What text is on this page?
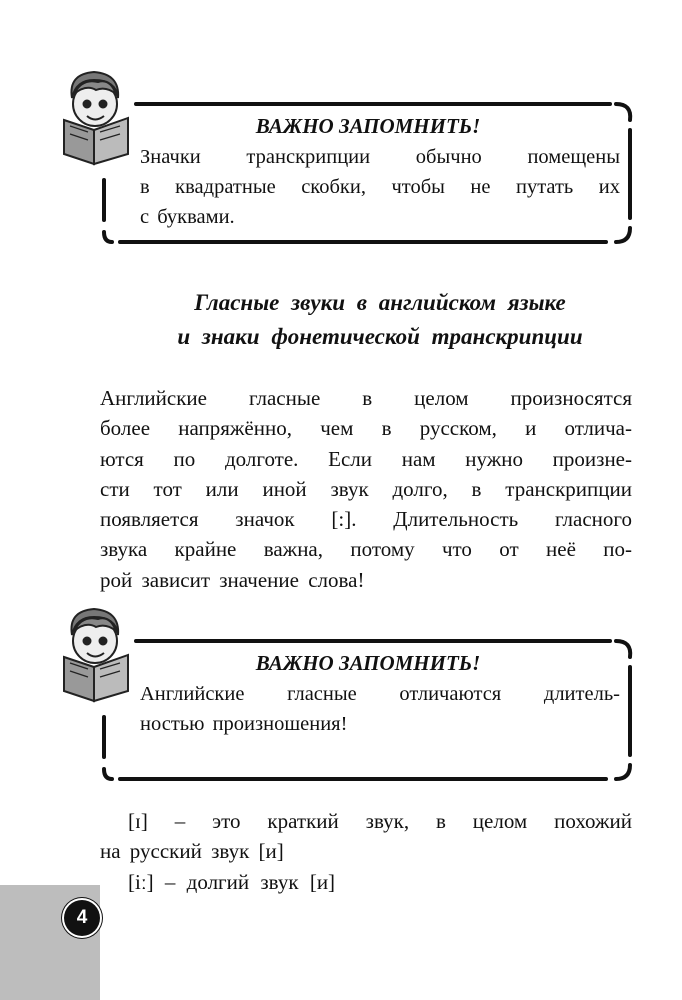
ВАЖНО ЗАПОМНИТЬ!
Значки транскрипции обычно помещены
в квадратные скобки, чтобы не путать их
с буквами.
Гласные звуки в английском языке
и знаки фонетической транскрипции
Английские гласные в целом произносятся
более напряжённо, чем в русском, и отлича-
ются по долготе. Если нам нужно произне-
сти тот или иной звук долго, в транскрипции
появляется значок [:]. Длительность гласного
звука крайне важна, потому что от неё по-
рой зависит значение слова!
ВАЖНО ЗАПОМНИТЬ!
Английские гласные отличаются длитель-
ностью произношения!
[ɪ] – это краткий звук, в целом похожий
на русский звук [и]
[iː] – долгий звук [и]
4
